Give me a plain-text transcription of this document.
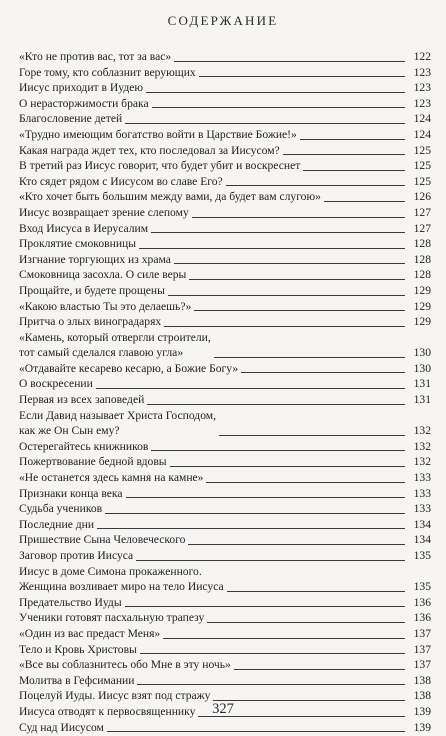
СОДЕРЖАНИЕ
«Кто не против вас, тот за вас»	122
Горе тому, кто соблазнит верующих	123
Иисус приходит в Иудею	123
О нерасторжимости брака	123
Благословение детей	124
«Трудно имеющим богатство войти в Царствие Божие!»	124
Какая награда ждет тех, кто последовал за Иисусом?	125
В третий раз Иисус говорит, что будет убит и воскреснет	125
Кто сядет рядом с Иисусом во славе Его?	125
«Кто хочет быть большим между вами, да будет вам слугою»	126
Иисус возвращает зрение слепому	127
Вход Иисуса в Иерусалим	127
Проклятие смоковницы	128
Изгнание торгующих из храма	128
Смоковница засохла. О силе веры	128
Прощайте, и будете прощены	129
«Какою властью Ты это делаешь?»	129
Притча о злых виноградарях	129
«Камень, который отвергли строители,
тот самый сделался главою угла»	130
«Отдавайте кесарево кесарю, а Божие Богу»	130
О воскресении	131
Первая из всех заповедей	131
Если Давид называет Христа Господом,
как же Он Сын ему?	132
Остерегайтесь книжников	132
Пожертвование бедной вдовы	132
«Не останется здесь камня на камне»	133
Признаки конца века	133
Судьба учеников	133
Последние дни	134
Пришествие Сына Человеческого	134
Заговор против Иисуса	135
Иисус в доме Симона прокаженного.
Женщина возливает миро на тело Иисуса	135
Предательство Иуды	136
Ученики готовят пасхальную трапезу	136
«Один из вас предаст Меня»	137
Тело и Кровь Христовы	137
«Все вы соблазнитесь обо Мне в эту ночь»	137
Молитва в Гефсимании	138
Поцелуй Иуды. Иисус взят под стражу	138
Иисуса отводят к первосвященнику	139
Суд над Иисусом	139
327
